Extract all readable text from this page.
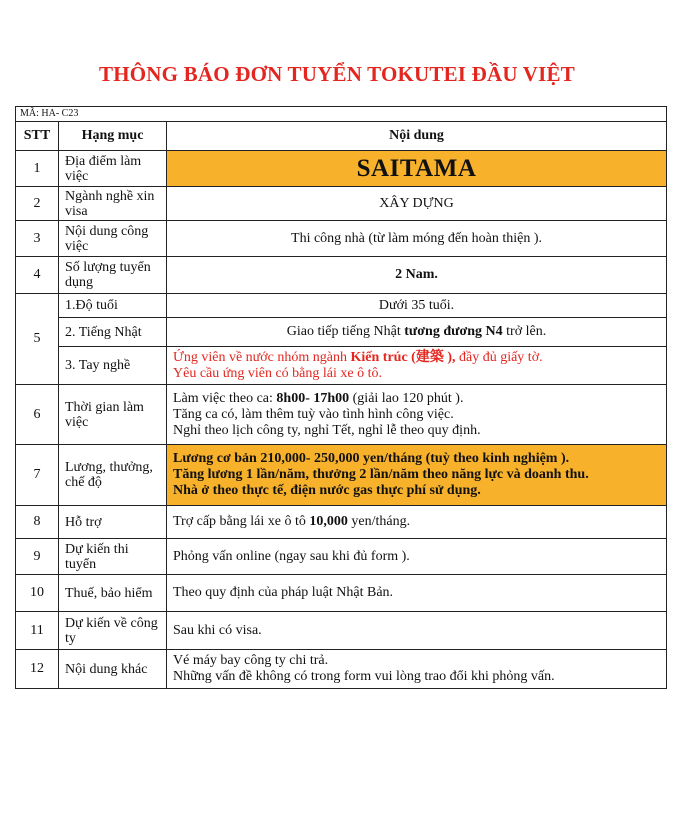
THÔNG BÁO ĐƠN TUYỂN TOKUTEI ĐẦU VIỆT
MÃ: HA- C23		
STT	Hạng mục	Nội dung
1	Địa điểm làm việc	SAITAMA
2	Ngành nghề xin visa	XÂY DỰNG
3	Nội dung công việc	Thi công nhà (từ làm móng đến hoàn thiện ).
4	Số lượng tuyển dụng	2 Nam.
5	1.Độ tuổi	Dưới 35 tuổi.
	2. Tiếng Nhật	Giao tiếp tiếng Nhật tương đương N4 trở lên.
	3. Tay nghề	Ứng viên về nước nhóm ngành Kiến trúc (建築 ), đầy đủ giấy tờ.
Yêu cầu ứng viên có bằng lái xe ô tô.

6	Thời gian làm việc	Làm việc theo ca: 8h00- 17h00 (giải lao 120 phút ).
Tăng ca có, làm thêm tuỳ vào tình hình công việc.
Nghỉ theo lịch công ty, nghỉ Tết, nghỉ lễ theo quy định.

7	Lương, thưởng, chế độ	Lương cơ bản 210,000- 250,000 yen/tháng (tuỳ theo kinh nghiệm ).
Tăng lương 1 lần/năm, thưởng 2 lần/năm theo năng lực và doanh thu.
Nhà ở theo thực tế, điện nước gas thực phí sử dụng.

8	Hỗ trợ	Trợ cấp bằng lái xe ô tô 10,000 yen/tháng.
9	Dự kiến thi tuyển	Phỏng vấn online (ngay sau khi đủ form ).
10	Thuế, bảo hiểm	Theo quy định của pháp luật Nhật Bản.
11	Dự kiến về công ty	Sau khi có visa.
12	Nội dung khác	Vé máy bay công ty chi trả.
Những vấn đề không có trong form vui lòng trao đổi khi phỏng vấn.
